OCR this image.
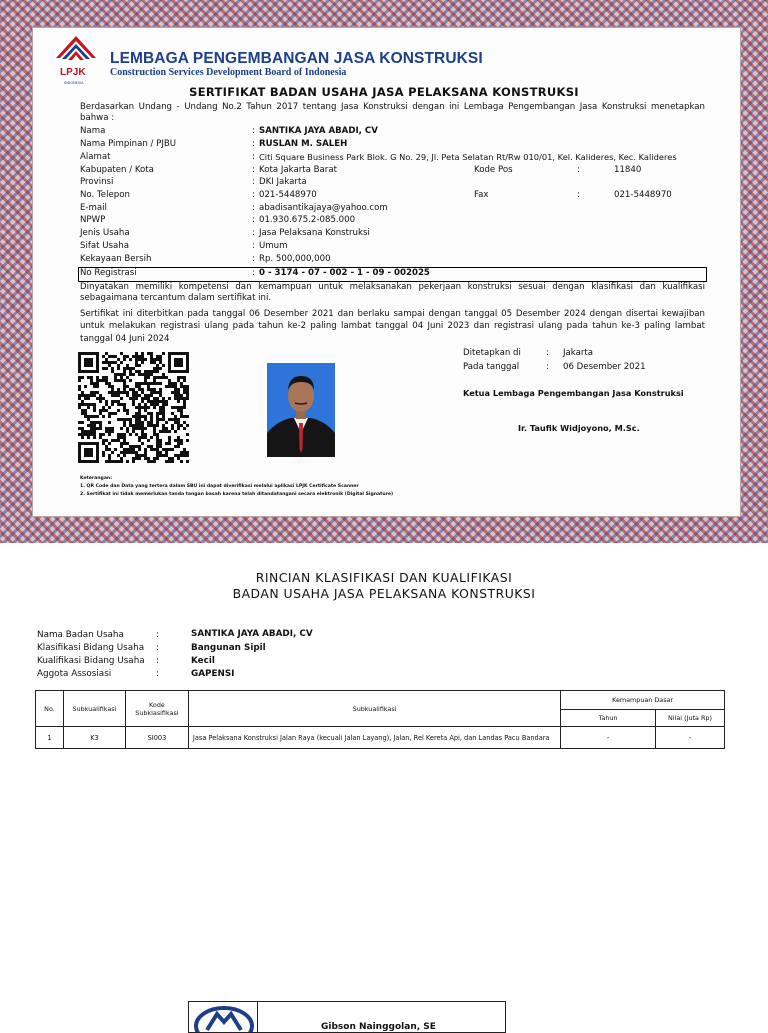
LPJK
INDONESIA
LEMBAGA PENGEMBANGAN JASA KONSTRUKSI
Construction Services Development Board of Indonesia
SERTIFIKAT BADAN USAHA JASA PELAKSANA KONSTRUKSI
Berdasarkan Undang - Undang No.2 Tahun 2017 tentang Jasa Konstruksi dengan ini Lembaga Pengembangan Jasa Konstruksi menetapkan bahwa :
Nama	: SANTIKA JAYA ABADI, CV
Nama Pimpinan / PJBU	: RUSLAN M. SALEH
Alamat	: Citi Square Business Park Blok. G No. 29, Jl. Peta Selatan Rt/Rw 010/01, Kel. Kalideres, Kec. Kalideres
Kabupaten / Kota	: Kota Jakarta Barat	Kode Pos	:	11840
Provinsi	: DKI Jakarta
No. Telepon	: 021-5448970	Fax	:	021-5448970
E-mail	: abadisantikajaya@yahoo.com
NPWP	: 01.930.675.2-085.000
Jenis Usaha	: Jasa Pelaksana Konstruksi
Sifat Usaha	: Umum
Kekayaan Bersih	: Rp. 500,000,000
No Registrasi	: 0 - 3174 - 07 - 002 - 1 - 09 - 002025
Dinyatakan memiliki kompetensi dan kemampuan untuk melaksanakan pekerjaan konstruksi sesuai dengan klasifikasi dan kualifikasi sebagaimana tercantum dalam sertifikat ini.
Sertifikat ini diterbitkan pada tanggal 06 Desember 2021 dan berlaku sampai dengan tanggal 05 Desember 2024 dengan disertai kewajiban untuk melakukan registrasi ulang pada tahun ke-2 paling lambat tanggal 04 Juni 2023 dan registrasi ulang pada tahun ke-3 paling lambat tanggal 04 Juni 2024
Ditetapkan di	: Jakarta
Pada tanggal	: 06 Desember 2021
Ketua Lembaga Pengembangan Jasa Konstruksi
Ir. Taufik Widjoyono, M.Sc.
Keterangan:
1. QR Code dan Data yang tertera dalam SBU ini dapat diverifikasi melalui aplikasi LPJK Certificate Scanner
2. Sertifikat ini tidak memerlukan tanda tangan basah karena telah ditandatangani secara elektronik (Digital Signature)
RINCIAN KLASIFIKASI DAN KUALIFIKASI
BADAN USAHA JASA PELAKSANA KONSTRUKSI
Nama Badan Usaha	:	SANTIKA JAYA ABADI, CV
Klasifikasi Bidang Usaha :	Bangunan Sipil
Kualifikasi Bidang Usaha :	Kecil
Aggota Assosiasi	:	GAPENSI
No.	Subkualifikasi	Kode Subklasifikasi	Subkualifikasi	Kemampuan Dasar	
				Tahun	Nilai (Juta Rp)
1	K3	SI003	Jasa Pelaksana Konstruksi Jalan Raya (kecuali Jalan Layang), Jalan, Rel Kereta Api, dan Landas Pacu Bandara	-	-
Gibson Nainggolan, SE
